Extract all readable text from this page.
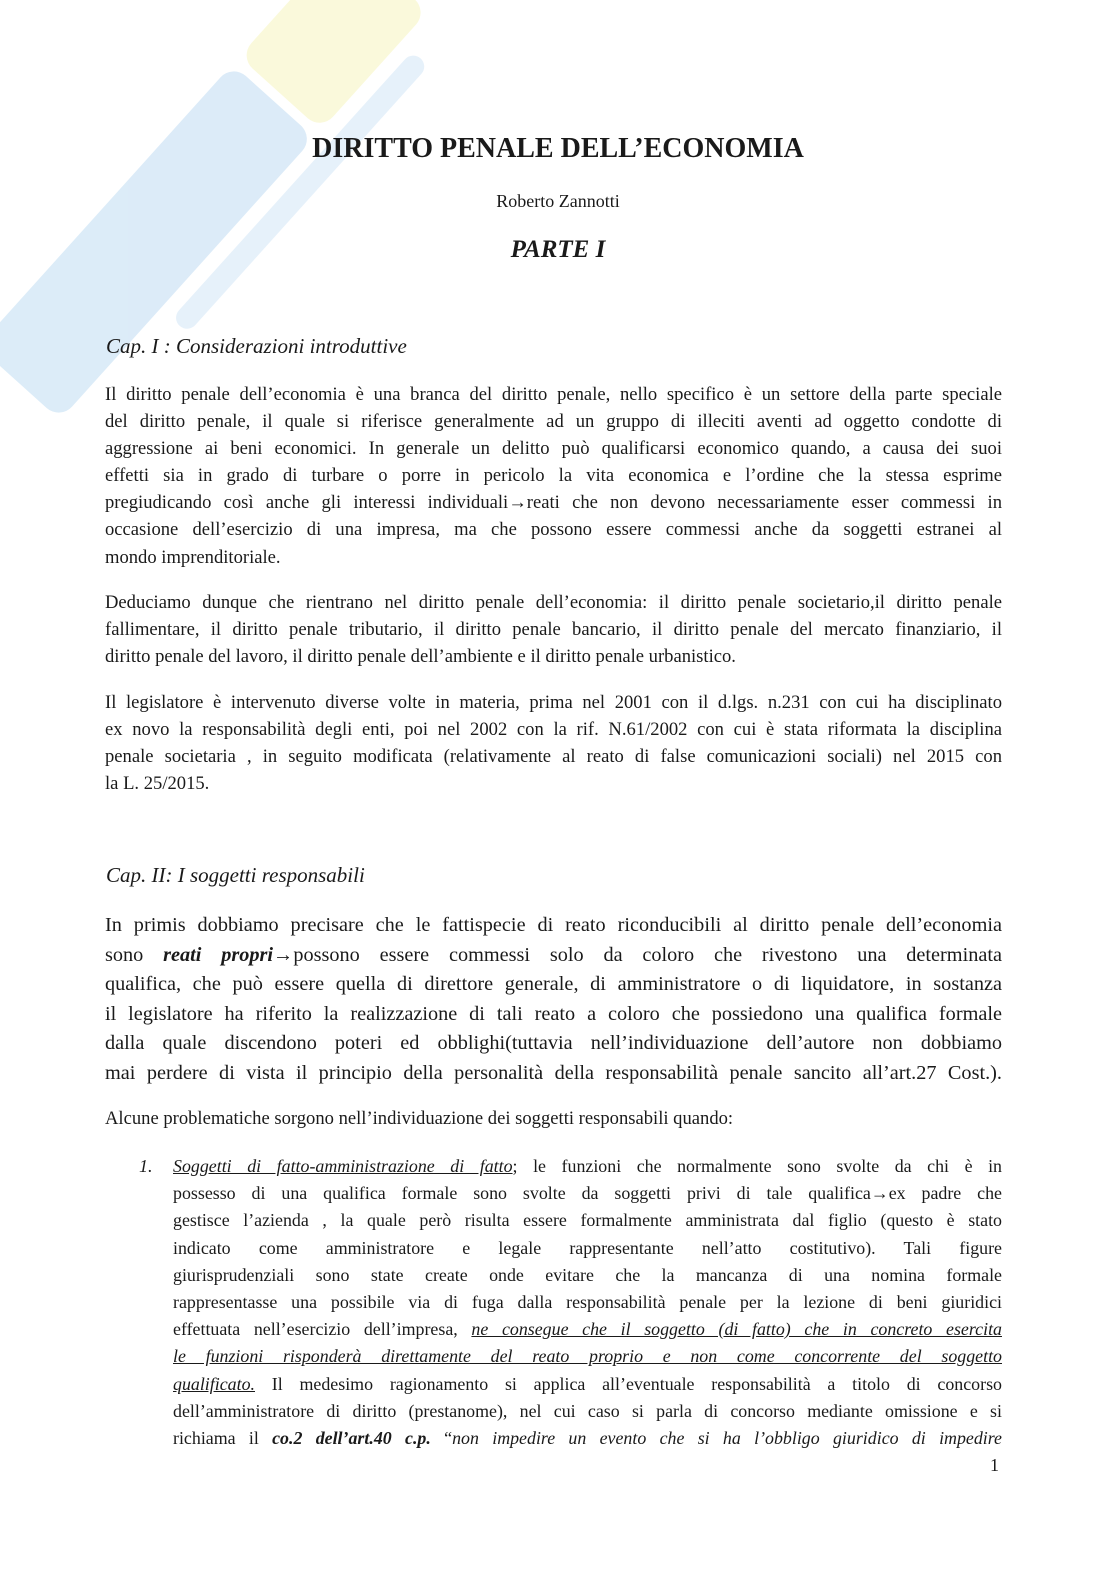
DIRITTO PENALE DELL’ECONOMIA
Roberto Zannotti
PARTE I
Cap. I : Considerazioni introduttive
Il diritto penale dell’economia è una branca del diritto penale, nello specifico è un settore della parte speciale
del diritto penale, il quale si riferisce generalmente ad un gruppo di illeciti aventi ad oggetto condotte di
aggressione ai beni economici. In generale un delitto può qualificarsi economico quando, a causa dei suoi
effetti sia in grado di turbare o porre in pericolo la vita economica e l’ordine che la stessa esprime
pregiudicando così anche gli interessi individuali→reati che non devono necessariamente esser commessi in
occasione dell’esercizio di una impresa, ma che possono essere commessi anche da soggetti estranei al
mondo imprenditoriale.
Deduciamo dunque che rientrano nel diritto penale dell’economia: il diritto penale societario,il diritto penale
fallimentare, il diritto penale tributario, il diritto penale bancario, il diritto penale del mercato finanziario, il
diritto penale del lavoro, il diritto penale dell’ambiente e il diritto penale urbanistico.
Il legislatore è intervenuto diverse volte in materia, prima nel 2001 con il d.lgs. n.231 con cui ha disciplinato
ex novo la responsabilità degli enti, poi nel 2002 con la rif. N.61/2002 con cui è stata riformata la disciplina
penale societaria , in seguito modificata (relativamente al reato di false comunicazioni sociali) nel 2015 con
la L. 25/2015.
Cap. II: I soggetti responsabili
In primis dobbiamo precisare che le fattispecie di reato riconducibili al diritto penale dell’economia
sono reati propri→possono essere commessi solo da coloro che rivestono una determinata
qualifica, che può essere quella di direttore generale, di amministratore o di liquidatore, in sostanza
il legislatore ha riferito la realizzazione di tali reato a coloro che possiedono una qualifica formale
dalla quale discendono poteri ed obblighi(tuttavia nell’individuazione dell’autore non dobbiamo
mai perdere di vista il principio della personalità della responsabilità penale sancito all’art.27 Cost.).
Alcune problematiche sorgono nell’individuazione dei soggetti responsabili quando:
1. Soggetti di fatto-amministrazione di fatto; le funzioni che normalmente sono svolte da chi è in
possesso di una qualifica formale sono svolte da soggetti privi di tale qualifica→ex padre che
gestisce l’azienda , la quale però risulta essere formalmente amministrata dal figlio (questo è stato
indicato come amministratore e legale rappresentante nell’atto costitutivo). Tali figure
giurisprudenziali sono state create onde evitare che la mancanza di una nomina formale
rappresentasse una possibile via di fuga dalla responsabilità penale per la lezione di beni giuridici
effettuata nell’esercizio dell’impresa, ne consegue che il soggetto (di fatto) che in concreto esercita
le funzioni risponderà direttamente del reato proprio e non come concorrente del soggetto
qualificato. Il medesimo ragionamento si applica all’eventuale responsabilità a titolo di concorso
dell’amministratore di diritto (prestanome), nel cui caso si parla di concorso mediante omissione e si
richiama il co.2 dell’art.40 c.p. “non impedire un evento che si ha l’obbligo giuridico di impedire
1
